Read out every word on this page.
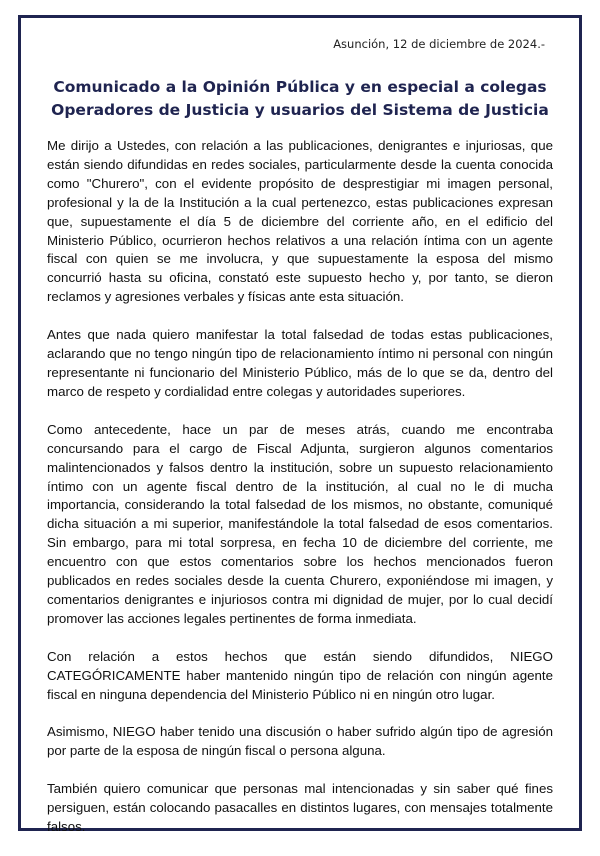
Asunción, 12 de diciembre de 2024.-
Comunicado a la Opinión Pública y en especial a colegas
Operadores de Justicia y usuarios del Sistema de Justicia

Me dirijo a Ustedes, con relación a las publicaciones, denigrantes e injuriosas, que están siendo difundidas en redes sociales, particularmente desde la cuenta conocida como "Churero", con el evidente propósito de desprestigiar mi imagen personal, profesional y la de la Institución a la cual pertenezco, estas publicaciones expresan que, supuestamente el día 5 de diciembre del corriente año, en el edificio del Ministerio Público, ocurrieron hechos relativos a una relación íntima con un agente fiscal con quien se me involucra, y que supuestamente la esposa del mismo concurrió hasta su oficina, constató este supuesto hecho y, por tanto, se dieron reclamos y agresiones verbales y físicas ante esta situación.

Antes que nada quiero manifestar la total falsedad de todas estas publicaciones, aclarando que no tengo ningún tipo de relacionamiento íntimo ni personal con ningún representante ni funcionario del Ministerio Público, más de lo que se da, dentro del marco de respeto y cordialidad entre colegas y autoridades superiores.

Como antecedente, hace un par de meses atrás, cuando me encontraba concursando para el cargo de Fiscal Adjunta, surgieron algunos comentarios malintencionados y falsos dentro la institución, sobre un supuesto relacionamiento íntimo con un agente fiscal dentro de la institución, al cual no le di mucha importancia, considerando la total falsedad de los mismos, no obstante, comuniqué dicha situación a mi superior, manifestándole la total falsedad de esos comentarios. Sin embargo, para mi total sorpresa, en fecha 10 de diciembre del corriente, me encuentro con que estos comentarios sobre los hechos mencionados fueron publicados en redes sociales desde la cuenta Churero, exponiéndose mi imagen, y comentarios denigrantes e injuriosos contra mi dignidad de mujer, por lo cual decidí promover las acciones legales pertinentes de forma inmediata.

Con relación a estos hechos que están siendo difundidos, NIEGO CATEGÓRICAMENTE haber mantenido ningún tipo de relación con ningún agente fiscal en ninguna dependencia del Ministerio Público ni en ningún otro lugar.

Asimismo, NIEGO haber tenido una discusión o haber sufrido algún tipo de agresión por parte de la esposa de ningún fiscal o persona alguna.

También quiero comunicar que personas mal intencionadas y sin saber qué fines persiguen, están colocando pasacalles en distintos lugares, con mensajes totalmente falsos.
